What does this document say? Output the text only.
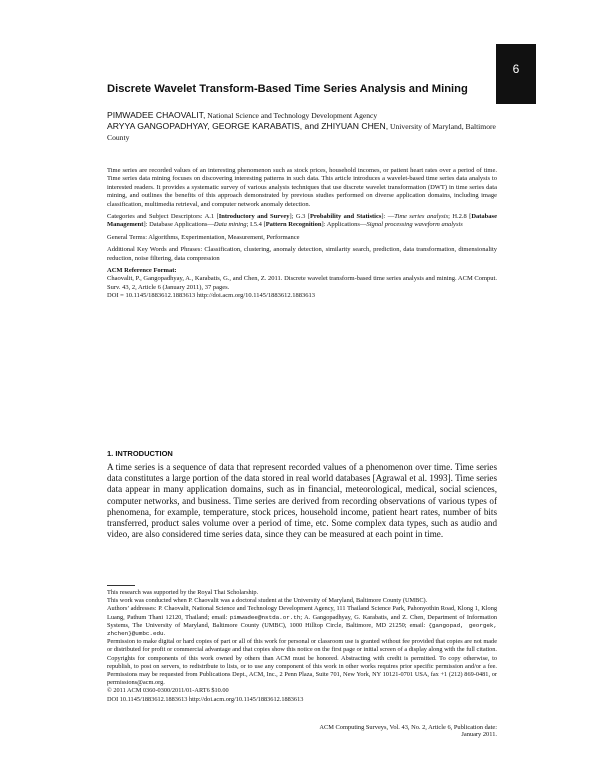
6
Discrete Wavelet Transform-Based Time Series Analysis and Mining
PIMWADEE CHAOVALIT, National Science and Technology Development Agency
ARYYA GANGOPADHYAY, GEORGE KARABATIS, and ZHIYUAN CHEN, University of Maryland, Baltimore County

Time series are recorded values of an interesting phenomenon such as stock prices, household incomes, or patient heart rates over a period of time. Time series data mining focuses on discovering interesting patterns in such data. This article introduces a wavelet-based time series data analysis to interested readers. It provides a systematic survey of various analysis techniques that use discrete wavelet transformation (DWT) in time series data mining, and outlines the benefits of this approach demonstrated by previous studies performed on diverse application domains, including image classification, multimedia retrieval, and computer network anomaly detection.

Categories and Subject Descriptors: A.1 [Introductory and Survey]; G.3 [Probability and Statistics]: —Time series analysis; H.2.8 [Database Management]: Database Applications—Data mining; I.5.4 [Pattern Recognition]: Applications—Signal processing waveform analysis

General Terms: Algorithms, Experimentation, Measurement, Performance

Additional Key Words and Phrases: Classification, clustering, anomaly detection, similarity search, prediction, data transformation, dimensionality reduction, noise filtering, data compression

ACM Reference Format:

Chaovalit, P., Gangopadhyay, A., Karabatis, G., and Chen, Z. 2011. Discrete wavelet transform-based time series analysis and mining. ACM Comput. Surv. 43, 2, Article 6 (January 2011), 37 pages.

DOI = 10.1145/1883612.1883613 http://doi.acm.org/10.1145/1883612.1883613

1. INTRODUCTION

A time series is a sequence of data that represent recorded values of a phenomenon over time. Time series data constitutes a large portion of the data stored in real world databases [Agrawal et al. 1993]. Time series data appear in many application domains, such as in financial, meteorological, medical, social sciences, computer networks, and business. Time series are derived from recording observations of various types of phenomena, for example, temperature, stock prices, household income, patient heart rates, number of bits transferred, product sales volume over a period of time, etc. Some complex data types, such as audio and video, are also considered time series data, since they can be measured at each point in time.

This research was supported by the Royal Thai Scholarship.

This work was conducted when P. Chaovalit was a doctoral student at the University of Maryland, Baltimore County (UMBC).

Authors’ addresses: P. Chaovalit, National Science and Technology Development Agency, 111 Thailand Science Park, Pahonyothin Road, Klong 1, Klong Luang, Pathum Thani 12120, Thailand; email: pimwadee@nstda.or.th; A. Gangopadhyay, G. Karabatis, and Z. Chen, Department of Information Systems, The University of Maryland, Baltimore County (UMBC), 1000 Hilltop Circle, Baltimore, MD 21250; email: {gangopad, georgek, zhchen}@umbc.edu.

Permission to make digital or hard copies of part or all of this work for personal or classroom use is granted without fee provided that copies are not made or distributed for profit or commercial advantage and that copies show this notice on the first page or initial screen of a display along with the full citation. Copyrights for components of this work owned by others than ACM must be honored. Abstracting with credit is permitted. To copy otherwise, to republish, to post on servers, to redistribute to lists, or to use any component of this work in other works requires prior specific permission and/or a fee. Permissions may be requested from Publications Dept., ACM, Inc., 2 Penn Plaza, Suite 701, New York, NY 10121-0701 USA, fax +1 (212) 869-0481, or permissions@acm.org.

© 2011 ACM 0360-0300/2011/01-ART6 $10.00

DOI 10.1145/1883612.1883613 http://doi.acm.org/10.1145/1883612.1883613

ACM Computing Surveys, Vol. 43, No. 2, Article 6, Publication date: January 2011.
